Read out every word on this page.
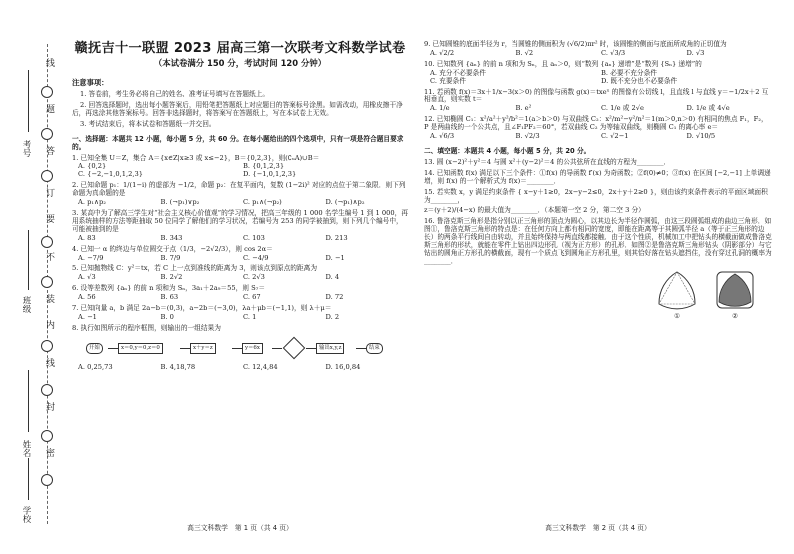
线
题
答
订
要
不
装
内
线
封
密
考号
班级
姓名
学校
赣抚吉十一联盟 2023 届高三第一次联考文科数学试卷
（本试卷满分 150 分，考试时间 120 分钟）
注意事项：
1. 答卷前，考生务必将自己的姓名、准考证号填写在答题纸上。
2. 回答选择题时，选出每小题答案后，用铅笔把答题纸上对应题目的答案标号涂黑。如需改动，用橡皮擦干净后，再选涂其他答案标号。回答非选择题时，将答案写在答题纸上，写在本试卷上无效。
3. 考试结束后，将本试卷和答题纸一并交回。
一、选择题：本题共 12 小题，每小题 5 分，共 60 分。在每小题给出的四个选项中，只有一项是符合题目要求的。
1. 已知全集 U＝Z，集合 A＝{x∈Z|x≥3 或 x≤−2}，B＝{0,2,3}，则(∁ᵤA)∪B＝
A. {0,2}	B. {0,1,2,3}
C. {−2,−1,0,1,2,3}	D. {−1,0,1,2,3}
2. 已知命题 p₁：1/(1−i) 的虚部为 −1/2，命题 p₂：在复平面内，复数 (1−2i)² 对应的点位于第二象限．则下列命题为真命题的是
A. p₁∧p₂	B. (¬p₁)∨p₂	C. p₁∧(¬p₂)	D. (¬p₁)∧p₂
3. 某高中为了解高三学生对“社会主义核心价值观”的学习情况，把高三年级的 1 000 名学生编号 1 到 1 000，再用系统抽样的方法等距抽取 50 位同学了解他们的学习状况，若编号为 253 的同学被抽到，则下列几个编号中，可能被抽到的是
A. 83	B. 343	C. 103	D. 213
4. 已知一 α 的终边与单位圆交于点（1/3，−2√2/3），则 cos 2α＝
A. −7/9	B. 7/9	C. −4/9	D. −1
5. 已知抛物线 C：y²＝tx，若 C 上一点到准线的距离为 3，则该点到原点的距离为
A. √3	B. 2√2	C. 2√3	D. 4
6. 设等差数列 {aₙ} 的前 n 项和为 Sₙ，3a₁＋2a₉＝55，则 S₇＝
A. 56	B. 63	C. 67	D. 72
7. 已知向量 a，b 满足 2a−b＝(0,3)，a−2b＝(−3,0)，λa＋μb＝(−1,1)，则 λ＋μ＝
A. −1	B. 0	C. 1	D. 2
8. 执行如图所示的程序框图，则输出的一组结果为
开始	x＝0,y＝0,z＝0	x＋y＝z	y＝6x	输出x,y,z	结束
A. 0,25,73	B. 4,18,78	C. 12,4,84	D. 16,0,84
高三文科数学　第 1 页（共 4 页）
9. 已知圆锥的底面半径为 r，当圆锥的侧面积为 (√6/2)πr² 时，该圆锥的侧面与底面所成角的正切值为
A. √2/2	B. √2	C. √3/3	D. √3
10. 已知数列 {aₙ} 的前 n 项和为 Sₙ，且 aₙ＞0，则“数列 {aₙ} 递增”是“数列 {Sₙ} 递增”的
A. 充分不必要条件	B. 必要不充分条件
C. 充要条件	D. 既不充分也不必要条件
11. 若函数 f(x)＝3x＋1/x−3(x＞0) 的图像与函数 g(x)＝txeˣ 的图像有公切线 l，且直线 l 与直线 y＝−1/2x＋2 互相垂直，则实数 t＝
A. 1/e	B. e²	C. 1/e 或 2√e	D. 1/e 或 4√e
12. 已知椭圆 C₁：x²/a²＋y²/b²＝1(a＞b＞0) 与双曲线 C₂：x²/m²−y²/n²＝1(m＞0,n＞0) 有相同的焦点 F₁，F₂，P 是两曲线的一个公共点，且∠F₁PF₂＝60°，若双曲线 C₂ 为等轴双曲线，则椭圆 C₁ 的离心率 e＝
A. √6/3	B. √2/3	C. √2−1	D. √10/5
二、填空题：本题共 4 小题，每小题 5 分，共 20 分。
13. 圆 (x−2)²＋y²＝4 与圆 x²＋(y−2)²＝4 的公共弦所在直线的方程为________．
14. 已知函数 f(x) 满足以下三个条件：①f(x) 的导函数 f′(x) 为奇函数；②f(0)≠0；③f(x) 在区间 [−2,−1] 上单调递增，则 f(x) 的一个解析式为 f(x)＝________．
15. 若实数 x，y 满足约束条件 { x−y＋1≥0，2x−y−2≤0，2x＋y＋2≥0 }，则由该约束条件表示的平面区域面积为________，
z＝(y＋2)/(4−x) 的最大值为________．（本题第一空 2 分，第二空 3 分）
16. 鲁洛克斯三角形是指分别以正三角形的顶点为圆心，以其边长为半径作圆弧，由这三段圆弧组成的曲边三角形．如图①，鲁洛克斯三角形的特点是：在任何方向上都有相同的宽度，即能在距离等于其圆弧半径 a（等于正三角形的边长）的两条平行线间自由转动，并且始终保持与两直线都接触．由于这个性质，机械加工中把钻头的横截面做成鲁洛克斯三角形的形状，就能在零件上钻出四边形孔（视为正方形）的孔形．如图②是鲁洛克斯三角形钻头（阴影部分）与它钻出的圆角正方形孔的横截面，现有一个质点飞到圆角正方形孔里，则其恰好落在钻头遮挡住，没有穿过孔洞的概率为________．
①	②
高三文科数学　第 2 页（共 4 页）
